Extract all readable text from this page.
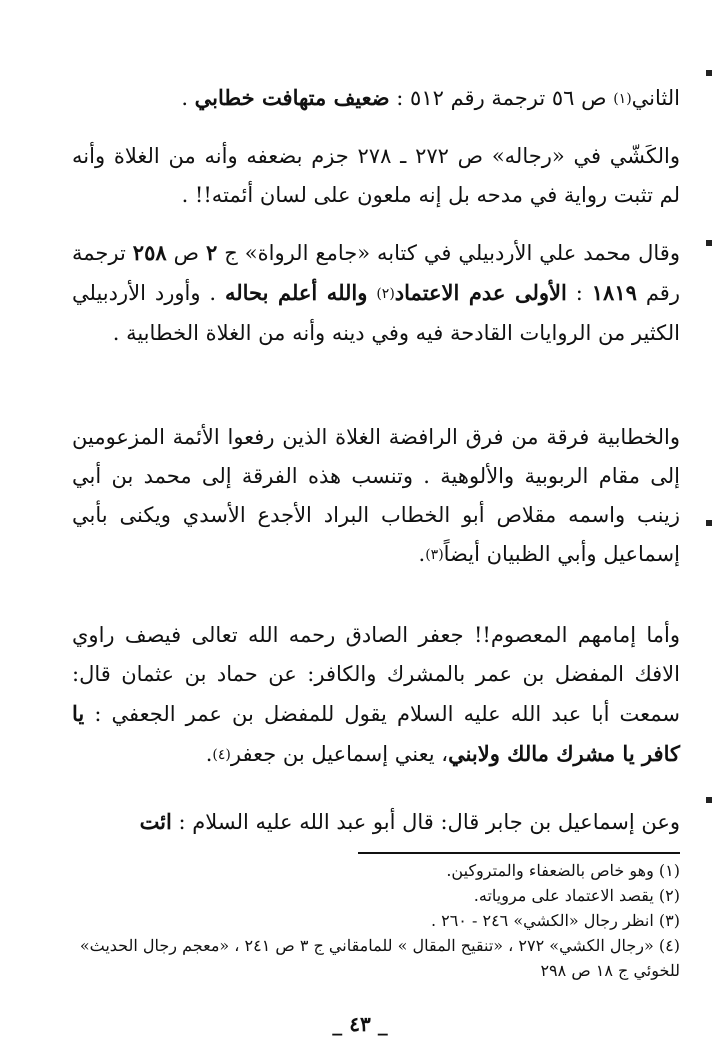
الثاني(١) ص ٥٦ ترجمة رقم ٥١٢ : ضعيف متهافت خطابي .
والكَشّي في «رجاله» ص ٢٧٢ ـ ٢٧٨ جزم بضعفه وأنه من الغلاة وأنه لم تثبت رواية في مدحه بل إنه ملعون على لسان أئمته!! .
وقال محمد علي الأردبيلي في كتابه «جامع الرواة» ج ٢ ص ٢٥٨ ترجمة رقم ١٨١٩ : الأولى عدم الاعتماد(٢) والله أعلم بحاله . وأورد الأردبيلي الكثير من الروايات القادحة فيه وفي دينه وأنه من الغلاة الخطابية .
والخطابية فرقة من فرق الرافضة الغلاة الذين رفعوا الأئمة المزعومين إلى مقام الربوبية والألوهية . وتنسب هذه الفرقة إلى محمد بن أبي زينب واسمه مقلاص أبو الخطاب البراد الأجدع الأسدي ويكنى بأبي إسماعيل وأبي الظبيان أيضاً(٣).
وأما إمامهم المعصوم!! جعفر الصادق رحمه الله تعالى فيصف راوي الافك المفضل بن عمر بالمشرك والكافر: عن حماد بن عثمان قال: سمعت أبا عبد الله عليه السلام يقول للمفضل بن عمر الجعفي : يا كافر يا مشرك مالك ولابني، يعني إسماعيل بن جعفر(٤).
وعن إسماعيل بن جابر قال: قال أبو عبد الله عليه السلام : ائت
(١) وهو خاص بالضعفاء والمتروكين.
(٢) يقصد الاعتماد على مروياته.
(٣) انظر رجال «الكشي» ٢٤٦ - ٢٦٠ .
(٤) «رجال الكشي» ٢٧٢ ، «تنقيح المقال » للمامقاني ج ٣ ص ٢٤١ ، «معجم رجال الحديث» للخوئي ج ١٨ ص ٢٩٨
_ ٤٣ _
